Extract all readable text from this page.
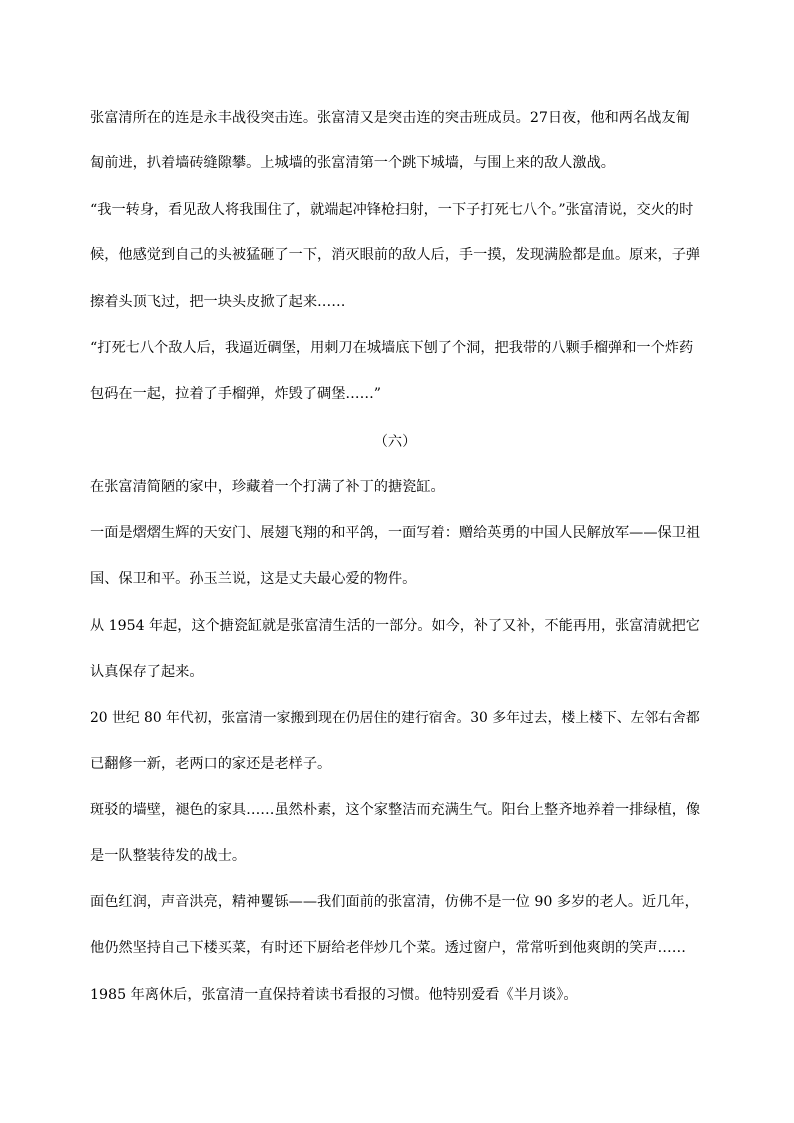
张富清所在的连是永丰战役突击连。张富清又是突击连的突击班成员。27日夜，他和两名战友匍
匐前进，扒着墙砖缝隙攀。上城墙的张富清第一个跳下城墙，与围上来的敌人激战。
“我一转身，看见敌人将我围住了，就端起冲锋枪扫射，一下子打死七八个。”张富清说，交火的时
候，他感觉到自己的头被猛砸了一下，消灭眼前的敌人后，手一摸，发现满脸都是血。原来，子弹
擦着头顶飞过，把一块头皮掀了起来……
“打死七八个敌人后，我逼近碉堡，用刺刀在城墙底下刨了个洞，把我带的八颗手榴弹和一个炸药
包码在一起，拉着了手榴弹，炸毁了碉堡……”
（六）
在张富清简陋的家中，珍藏着一个打满了补丁的搪瓷缸。
一面是熠熠生辉的天安门、展翅飞翔的和平鸽，一面写着：赠给英勇的中国人民解放军——保卫祖
国、保卫和平。孙玉兰说，这是丈夫最心爱的物件。
从 1954 年起，这个搪瓷缸就是张富清生活的一部分。如今，补了又补，不能再用，张富清就把它
认真保存了起来。
20 世纪 80 年代初，张富清一家搬到现在仍居住的建行宿舍。30 多年过去，楼上楼下、左邻右舍都
已翻修一新，老两口的家还是老样子。
斑驳的墙壁，褪色的家具……虽然朴素，这个家整洁而充满生气。阳台上整齐地养着一排绿植，像
是一队整装待发的战士。
面色红润，声音洪亮，精神矍铄——我们面前的张富清，仿佛不是一位 90 多岁的老人。近几年，
他仍然坚持自己下楼买菜，有时还下厨给老伴炒几个菜。透过窗户，常常听到他爽朗的笑声……
1985 年离休后，张富清一直保持着读书看报的习惯。他特别爱看《半月谈》。
